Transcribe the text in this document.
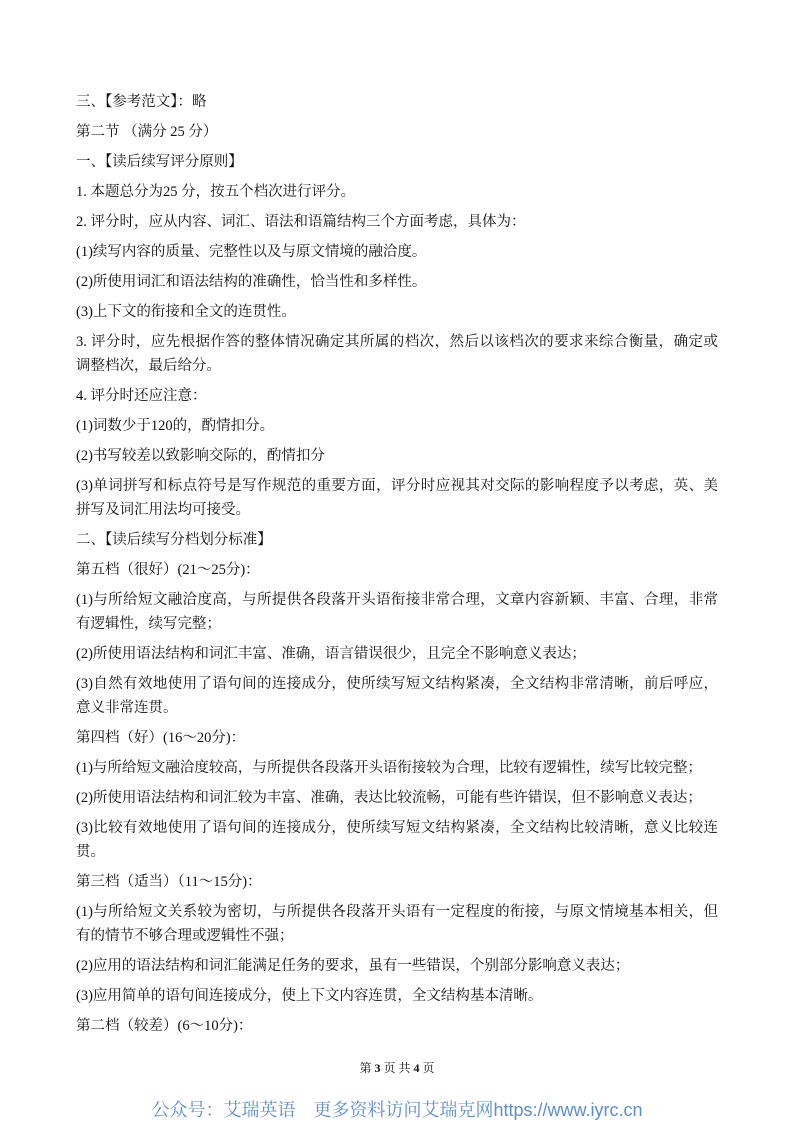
三、【参考范文】：略
第二节 （满分 25 分）
一、【读后续写评分原则】
1. 本题总分为25 分，按五个档次进行评分。
2. 评分时，应从内容、词汇、语法和语篇结构三个方面考虑，具体为：
(1)续写内容的质量、完整性以及与原文情境的融洽度。
(2)所使用词汇和语法结构的准确性，恰当性和多样性。
(3)上下文的衔接和全文的连贯性。
3. 评分时，应先根据作答的整体情况确定其所属的档次，然后以该档次的要求来综合衡量，确定或
调整档次，最后给分。
4. 评分时还应注意：
(1)词数少于120的，酌情扣分。
(2)书写较差以致影响交际的，酌情扣分
(3)单词拼写和标点符号是写作规范的重要方面，评分时应视其对交际的影响程度予以考虑，英、美
拼写及词汇用法均可接受。
二、【读后续写分档划分标准】
第五档（很好）(21～25分)：
(1)与所给短文融洽度高，与所提供各段落开头语衔接非常合理，文章内容新颖、丰富、合理，非常
有逻辑性，续写完整；
(2)所使用语法结构和词汇丰富、准确，语言错误很少，且完全不影响意义表达；
(3)自然有效地使用了语句间的连接成分，使所续写短文结构紧凑，全文结构非常清晰，前后呼应，
意义非常连贯。
第四档（好）(16～20分)：
(1)与所给短文融洽度较高，与所提供各段落开头语衔接较为合理，比较有逻辑性，续写比较完整；
(2)所使用语法结构和词汇较为丰富、准确，表达比较流畅，可能有些许错误，但不影响意义表达；
(3)比较有效地使用了语句间的连接成分，使所续写短文结构紧凑，全文结构比较清晰，意义比较连
贯。
第三档（适当）（11～15分)：
(1)与所给短文关系较为密切，与所提供各段落开头语有一定程度的衔接，与原文情境基本相关，但
有的情节不够合理或逻辑性不强；
(2)应用的语法结构和词汇能满足任务的要求，虽有一些错误，个别部分影响意义表达；
(3)应用简单的语句间连接成分，使上下文内容连贯，全文结构基本清晰。
第二档（较差）(6～10分)：
第 3 页 共 4 页
公众号：艾瑞英语 更多资料访问艾瑞克网https://www.iyrc.cn
